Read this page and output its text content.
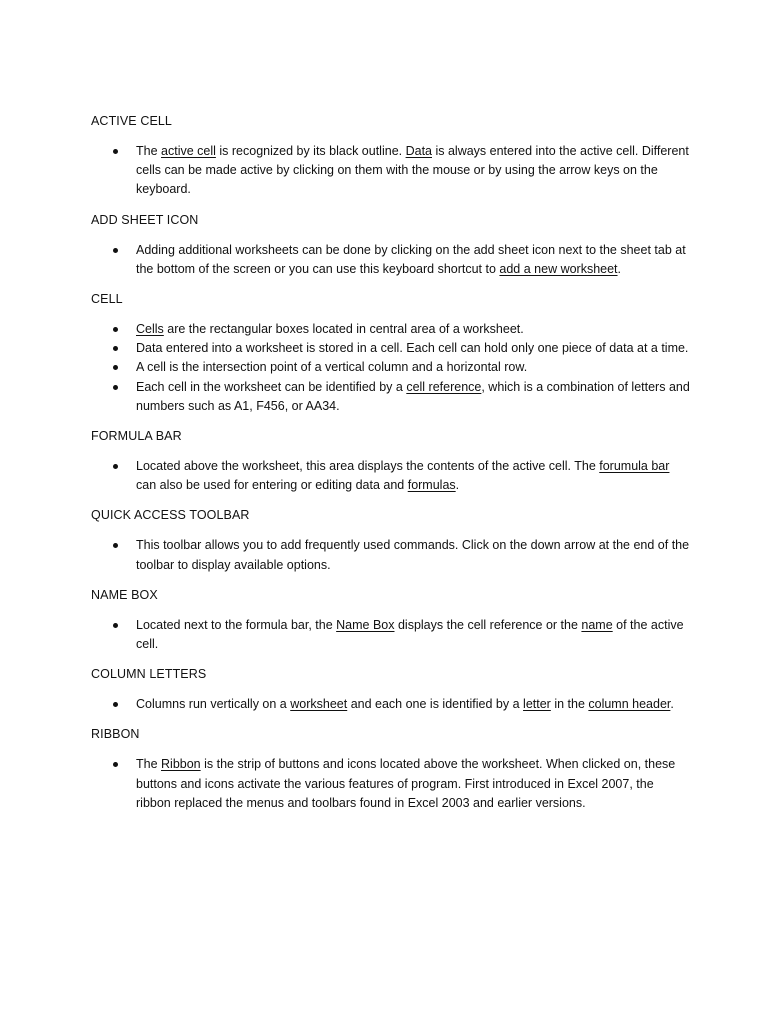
ACTIVE CELL
The active cell is recognized by its black outline. Data is always entered into the active cell. Different cells can be made active by clicking on them with the mouse or by using the arrow keys on the keyboard.
ADD SHEET ICON
Adding additional worksheets can be done by clicking on the add sheet icon next to the sheet tab at the bottom of the screen or you can use this keyboard shortcut to add a new worksheet.
CELL
Cells are the rectangular boxes located in central area of a worksheet.
Data entered into a worksheet is stored in a cell. Each cell can hold only one piece of data at a time.
A cell is the intersection point of a vertical column and a horizontal row.
Each cell in the worksheet can be identified by a cell reference, which is a combination of letters and numbers such as A1, F456, or AA34.
FORMULA BAR
Located above the worksheet, this area displays the contents of the active cell. The forumula bar can also be used for entering or editing data and formulas.
QUICK ACCESS TOOLBAR
This toolbar allows you to add frequently used commands. Click on the down arrow at the end of the toolbar to display available options.
NAME BOX
Located next to the formula bar, the Name Box displays the cell reference or the name of the active cell.
COLUMN LETTERS
Columns run vertically on a worksheet and each one is identified by a letter in the column header.
RIBBON
The Ribbon is the strip of buttons and icons located above the worksheet. When clicked on, these buttons and icons activate the various features of program. First introduced in Excel 2007, the ribbon replaced the menus and toolbars found in Excel 2003 and earlier versions.
